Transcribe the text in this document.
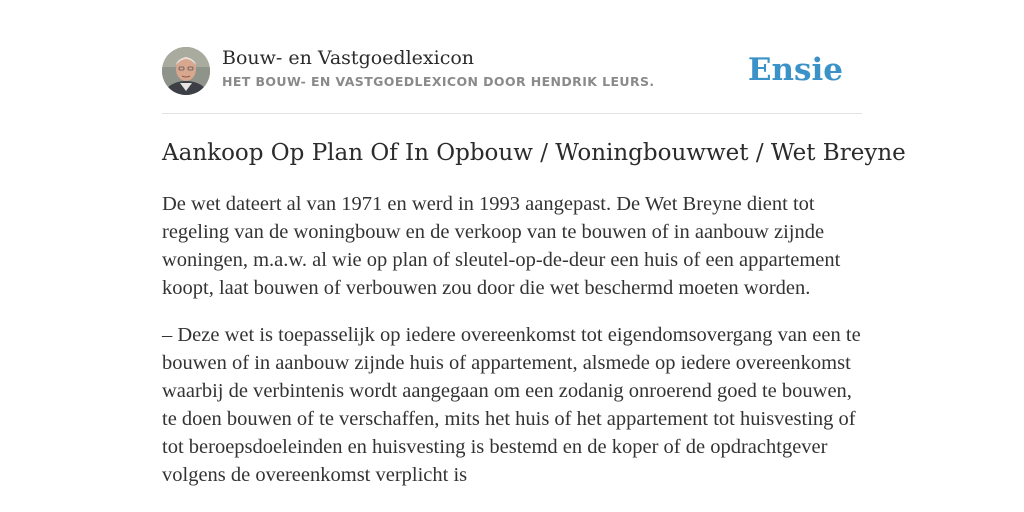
Bouw- en Vastgoedlexicon
HET BOUW- EN VASTGOEDLEXICON DOOR HENDRIK LEURS.	Ensie
Aankoop Op Plan Of In Opbouw / Woningbouwwet / Wet Breyne

De wet dateert al van 1971 en werd in 1993 aangepast. De Wet Breyne dient tot regeling van de woningbouw en de verkoop van te bouwen of in aanbouw zijnde woningen, m.a.w. al wie op plan of sleutel-op-de-deur een huis of een appartement koopt, laat bouwen of verbouwen zou door die wet beschermd moeten worden.

– Deze wet is toepasselijk op iedere overeenkomst tot eigendomsovergang van een te bouwen of in aanbouw zijnde huis of appartement, alsmede op iedere overeenkomst waarbij de verbintenis wordt aangegaan om een zodanig onroerend goed te bouwen, te doen bouwen of te verschaffen, mits het huis of het appartement tot huisvesting of tot beroepsdoeleinden en huisvesting is bestemd en de koper of de opdrachtgever volgens de overeenkomst verplicht is
